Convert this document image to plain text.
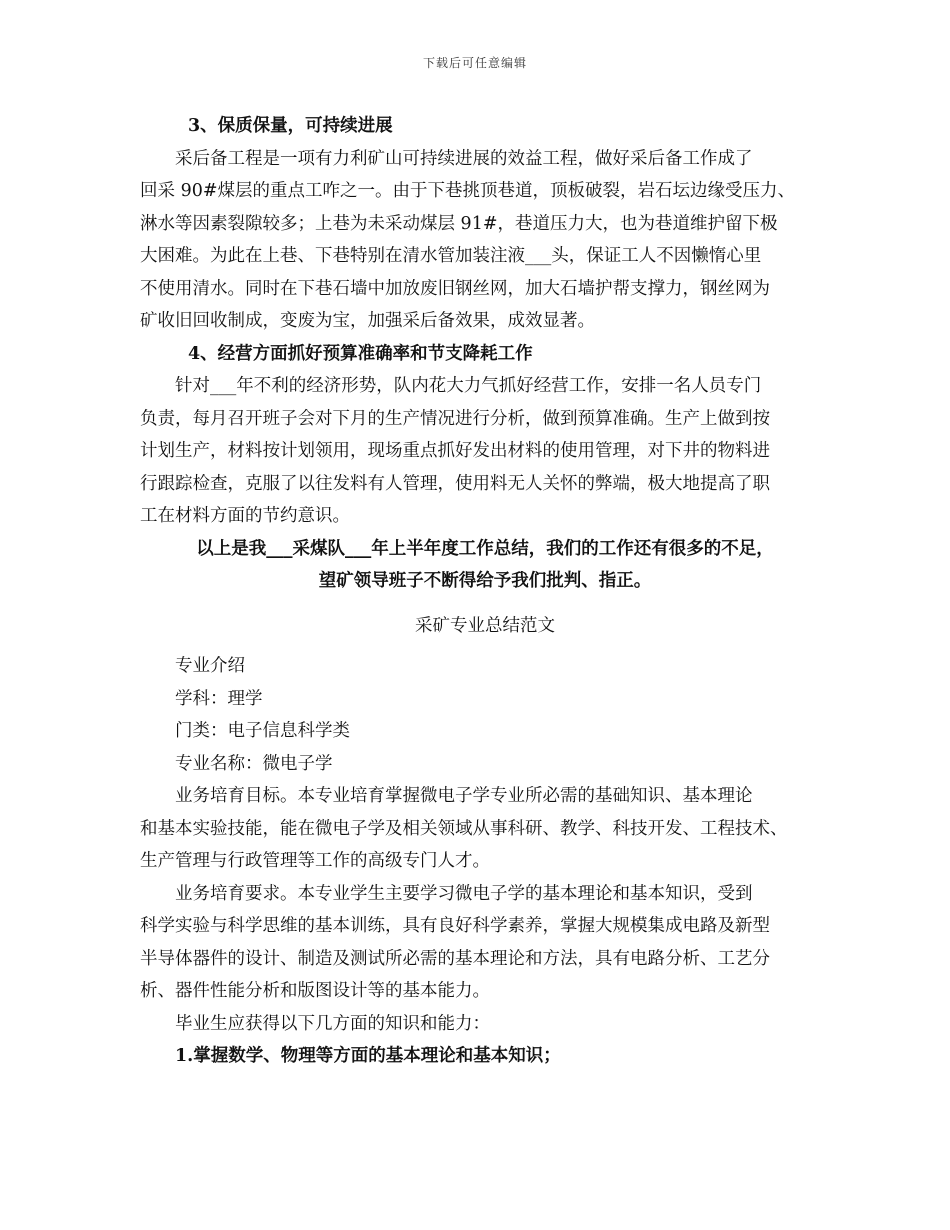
下载后可任意编辑
3、保质保量，可持续进展
采后备工程是一项有力利矿山可持续进展的效益工程，做好采后备工作成了
回采 90#煤层的重点工咋之一。由于下巷挑顶巷道，顶板破裂，岩石坛边缘受压力、
淋水等因素裂隙较多；上巷为未采动煤层 91#，巷道压力大，也为巷道维护留下极
大困难。为此在上巷、下巷特别在清水管加装注液___头，保证工人不因懒惰心里
不使用清水。同时在下巷石墙中加放废旧钢丝网，加大石墙护帮支撑力，钢丝网为
矿收旧回收制成，变废为宝，加强采后备效果，成效显著。
4、经营方面抓好预算准确率和节支降耗工作
针对___年不利的经济形势，队内花大力气抓好经营工作，安排一名人员专门
负责，每月召开班子会对下月的生产情况进行分析，做到预算准确。生产上做到按
计划生产，材料按计划领用，现场重点抓好发出材料的使用管理，对下井的物料进
行跟踪检查，克服了以往发料有人管理，使用料无人关怀的弊端，极大地提高了职
工在材料方面的节约意识。
以上是我___采煤队___年上半年度工作总结，我们的工作还有很多的不足，
望矿领导班子不断得给予我们批判、指正。
采矿专业总结范文
专业介绍
学科：理学
门类：电子信息科学类
专业名称：微电子学
业务培育目标。本专业培育掌握微电子学专业所必需的基础知识、基本理论
和基本实验技能，能在微电子学及相关领域从事科研、教学、科技开发、工程技术、
生产管理与行政管理等工作的高级专门人才。
业务培育要求。本专业学生主要学习微电子学的基本理论和基本知识，受到
科学实验与科学思维的基本训练，具有良好科学素养，掌握大规模集成电路及新型
半导体器件的设计、制造及测试所必需的基本理论和方法，具有电路分析、工艺分
析、器件性能分析和版图设计等的基本能力。
毕业生应获得以下几方面的知识和能力：
1.掌握数学、物理等方面的基本理论和基本知识；
